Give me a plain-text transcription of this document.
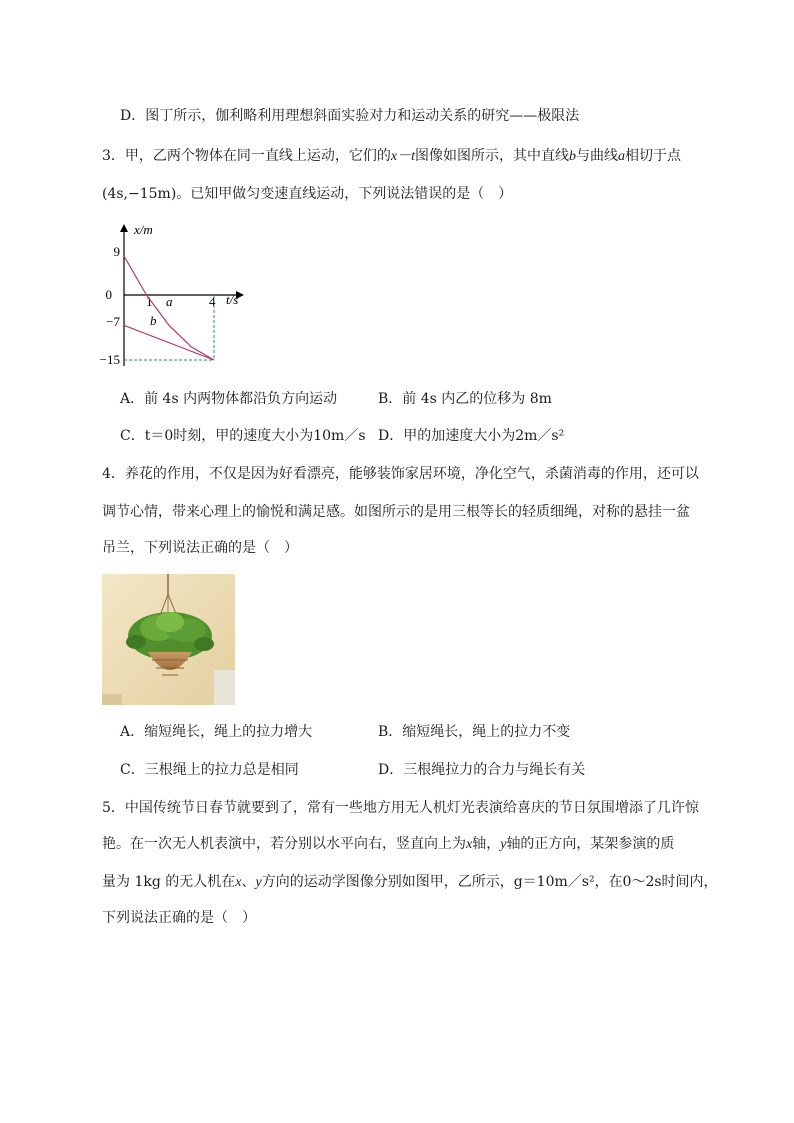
D．图丁所示，伽利略利用理想斜面实验对力和运动关系的研究——极限法
3．甲，乙两个物体在同一直线上运动，它们的x－t图像如图所示，其中直线b与曲线a相切于点
(4s,−15m)。已知甲做匀变速直线运动，下列说法错误的是（　）
x/m
t/s
0
9
−7
−15
1	4
a
b
A．前 4s 内两物体都沿负方向运动	B．前 4s 内乙的位移为 8m
C．t＝0时刻，甲的速度大小为10m／s D．甲的加速度大小为2m／s²
4．养花的作用，不仅是因为好看漂亮，能够装饰家居环境，净化空气，杀菌消毒的作用，还可以
调节心情，带来心理上的愉悦和满足感。如图所示的是用三根等长的轻质细绳，对称的悬挂一盆
吊兰，下列说法正确的是（　）
A．缩短绳长，绳上的拉力增大	B．缩短绳长，绳上的拉力不变
C．三根绳上的拉力总是相同	D．三根绳拉力的合力与绳长有关
5．中国传统节日春节就要到了，常有一些地方用无人机灯光表演给喜庆的节日氛围增添了几许惊
艳。在一次无人机表演中，若分别以水平向右，竖直向上为x轴，y轴的正方向，某架参演的质
量为 1kg 的无人机在x、y方向的运动学图像分别如图甲，乙所示，g＝10m／s²，在0～2s时间内，
下列说法正确的是（　）
